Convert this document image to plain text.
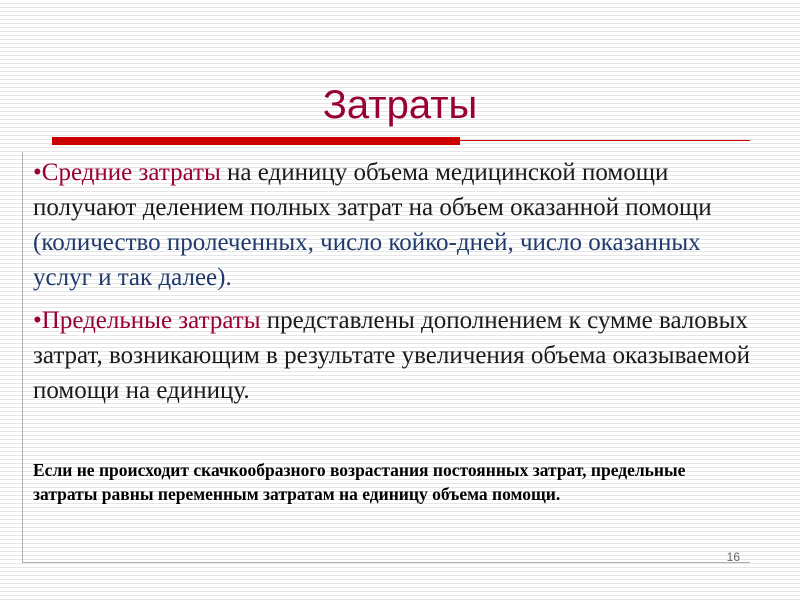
Затраты

•Средние затраты на единицу объема медицинской помощи получают делением полных затрат на объем оказанной помощи (количество пролеченных, число койко-дней, число оказанных услуг и так далее).

•Предельные затраты представлены дополнением к сумме валовых затрат, возникающим в результате увеличения объема оказываемой помощи на единицу.

Если не происходит скачкообразного возрастания постоянных затрат, предельные затраты равны переменным затратам на единицу объема помощи.

16
